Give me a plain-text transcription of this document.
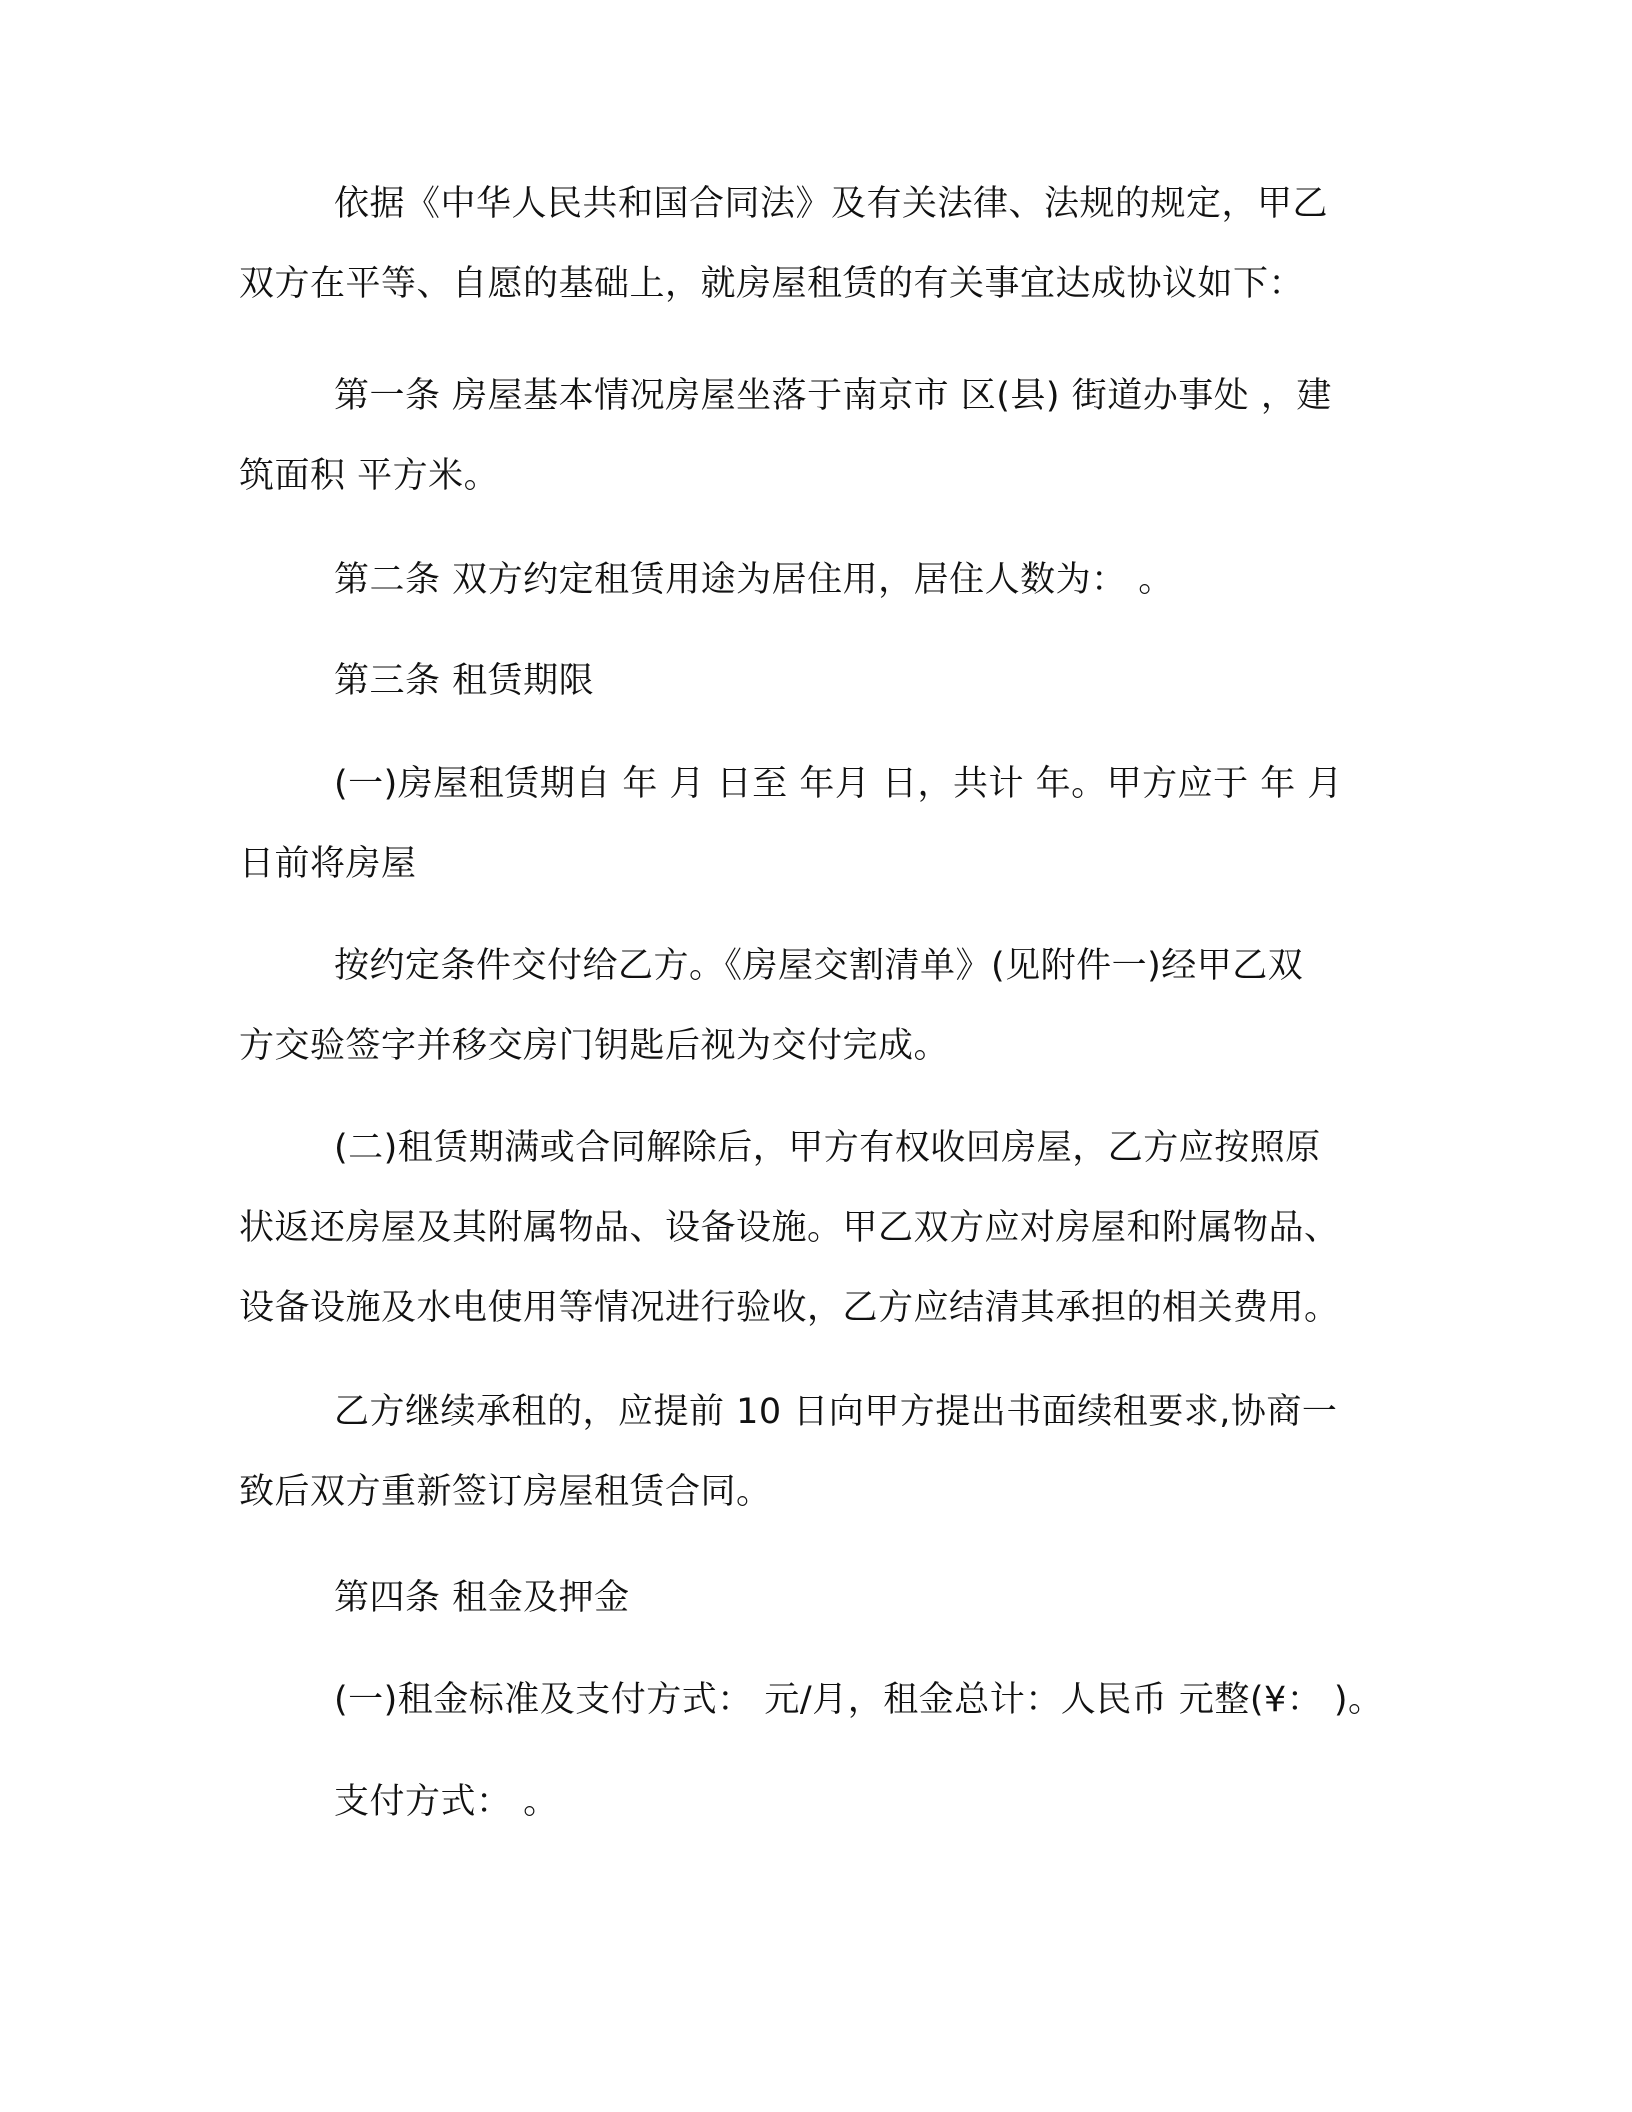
依据《中华人民共和国合同法》及有关法律、法规的规定，甲乙
双方在平等、自愿的基础上，就房屋租赁的有关事宜达成协议如下：

第一条 房屋基本情况房屋坐落于南京市 区(县) 街道办事处 ，建
筑面积 平方米。

第二条 双方约定租赁用途为居住用，居住人数为： 。

第三条 租赁期限

(一)房屋租赁期自 年 月 日至 年月 日，共计 年。甲方应于 年 月
日前将房屋

按约定条件交付给乙方。《房屋交割清单》(见附件一)经甲乙双
方交验签字并移交房门钥匙后视为交付完成。

(二)租赁期满或合同解除后，甲方有权收回房屋，乙方应按照原
状返还房屋及其附属物品、设备设施。甲乙双方应对房屋和附属物品、
设备设施及水电使用等情况进行验收，乙方应结清其承担的相关费用。

乙方继续承租的，应提前 10 日向甲方提出书面续租要求,协商一
致后双方重新签订房屋租赁合同。

第四条 租金及押金

(一)租金标准及支付方式： 元/月，租金总计：人民币 元整(¥： )。

支付方式： 。
